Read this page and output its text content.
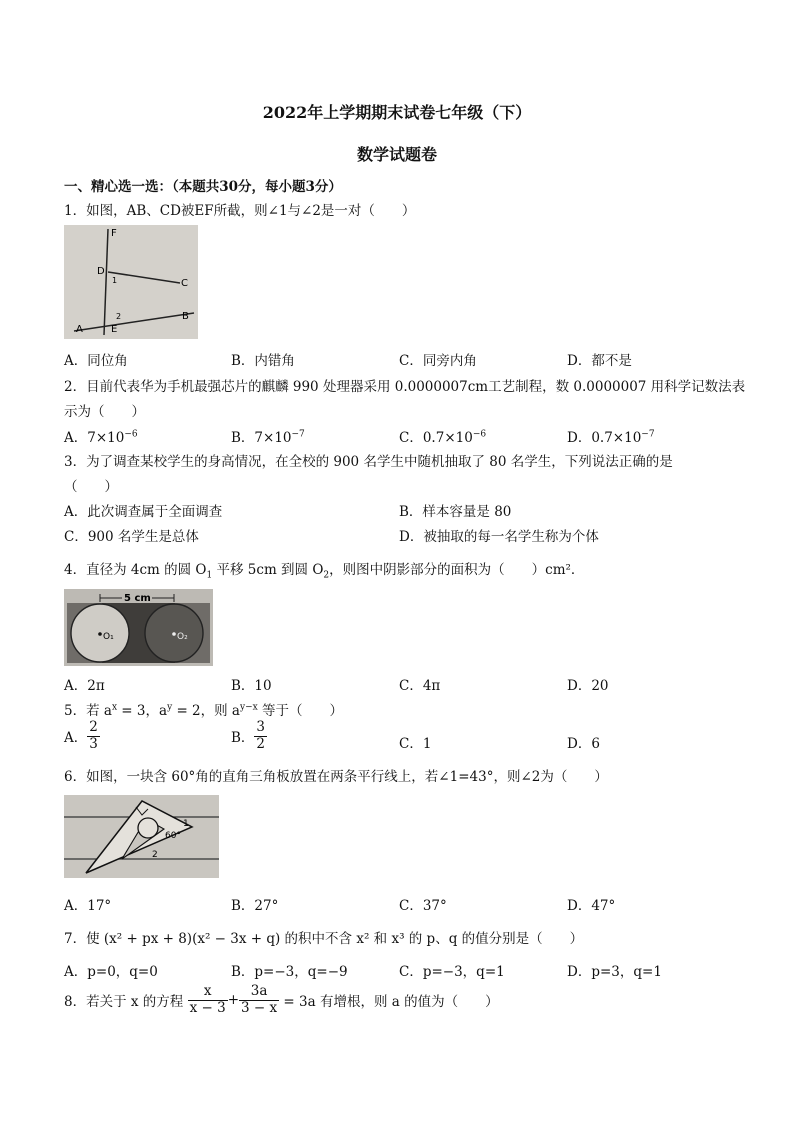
2022年上学期期末试卷七年级（下）
数学试题卷
一、精心选一选：（本题共30分，每小题3分）
1．如图，AB、CD被EF所截，则∠1与∠2是一对（　　）
F
D
1	C
2	B
A	E
A．同位角	B．内错角	C．同旁内角	D．都不是
2．目前代表华为手机最强芯片的麒麟 990 处理器采用 0.0000007cm工艺制程，数 0.0000007 用科学记数法表
示为（　　）
A．$7\times 10^{-6}$	B．$7\times 10^{-7}$	C．$0.7\times 10^{-6}$	D．$0.7\times 10^{-7}$
3．为了调查某校学生的身高情况，在全校的 900 名学生中随机抽取了 80 名学生，下列说法正确的是
（　　）
A．此次调查属于全面调查	B．样本容量是 80
C．900 名学生是总体	D．被抽取的每一名学生称为个体
4．直径为 4cm 的圆 $O_1$ 平移 5cm 到圆 $O_2$，则图中阴影部分的面积为（　　）cm²．
5 cm
O₁	O₂
A．2π	B．10	C．4π	D．20
5．若 $a^x = 3$，$a^y = 2$，则 $a^{y-x}$ 等于（　　）
A． $\frac{2}{3}$	B． $\frac{3}{2}$	C．1	D．6
6．如图，一块含 60°角的直角三角板放置在两条平行线上，若∠1=43°，则∠2为（　　）
1
60°
2
A．17°	B．27°	C．37°	D．47°
7．使 (x² + px + 8)(x² − 3x + q) 的积中不含 x² 和 x³ 的 p、q 的值分别是（　　）
A．p=0，q=0	B．p=−3，q=−9	C．p=−3，q=1	D．p=3，q=1
8．若关于 x 的方程 $\frac{x}{x - 3} + \frac{3a}{3 - x} = 3a$ 有增根，则 a 的值为（　　）
